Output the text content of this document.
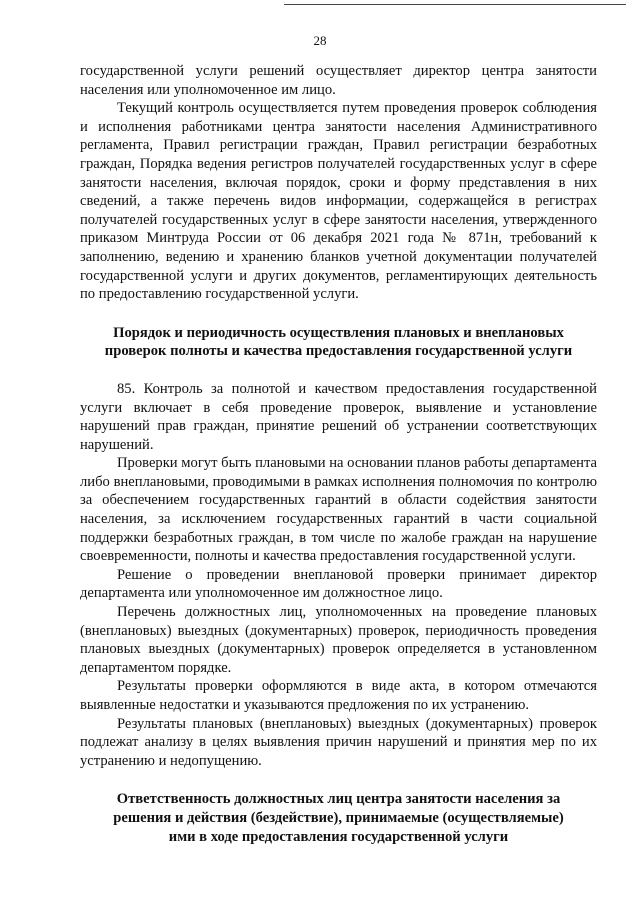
28

государственной услуги решений осуществляет директор центра занятости населения или уполномоченное им лицо.

Текущий контроль осуществляется путем проведения проверок соблюдения и исполнения работниками центра занятости населения Административного регламента, Правил регистрации граждан, Правил регистрации безработных граждан, Порядка ведения регистров получателей государственных услуг в сфере занятости населения, включая порядок, сроки и форму представления в них сведений, а также перечень видов информации, содержащейся в регистрах получателей государственных услуг в сфере занятости населения, утвержденного приказом Минтруда России от 06 декабря 2021 года № 871н, требований к заполнению, ведению и хранению бланков учетной документации получателей государственной услуги и других документов, регламентирующих деятельность по предоставлению государственной услуги.

Порядок и периодичность осуществления плановых и внеплановых
проверок полноты и качества предоставления государственной услуги

85. Контроль за полнотой и качеством предоставления государственной услуги включает в себя проведение проверок, выявление и установление нарушений прав граждан, принятие решений об устранении соответствующих нарушений.

Проверки могут быть плановыми на основании планов работы департамента либо внеплановыми, проводимыми в рамках исполнения полномочия по контролю за обеспечением государственных гарантий в области содействия занятости населения, за исключением государственных гарантий в части социальной поддержки безработных граждан, в том числе по жалобе граждан на нарушение своевременности, полноты и качества предоставления государственной услуги.

Решение о проведении внеплановой проверки принимает директор департамента или уполномоченное им должностное лицо.

Перечень должностных лиц, уполномоченных на проведение плановых (внеплановых) выездных (документарных) проверок, периодичность проведения плановых выездных (документарных) проверок определяется в установленном департаментом порядке.

Результаты проверки оформляются в виде акта, в котором отмечаются выявленные недостатки и указываются предложения по их устранению.

Результаты плановых (внеплановых) выездных (документарных) проверок подлежат анализу в целях выявления причин нарушений и принятия мер по их устранению и недопущению.

Ответственность должностных лиц центра занятости населения за
решения и действия (бездействие), принимаемые (осуществляемые)
ими в ходе предоставления государственной услуги
